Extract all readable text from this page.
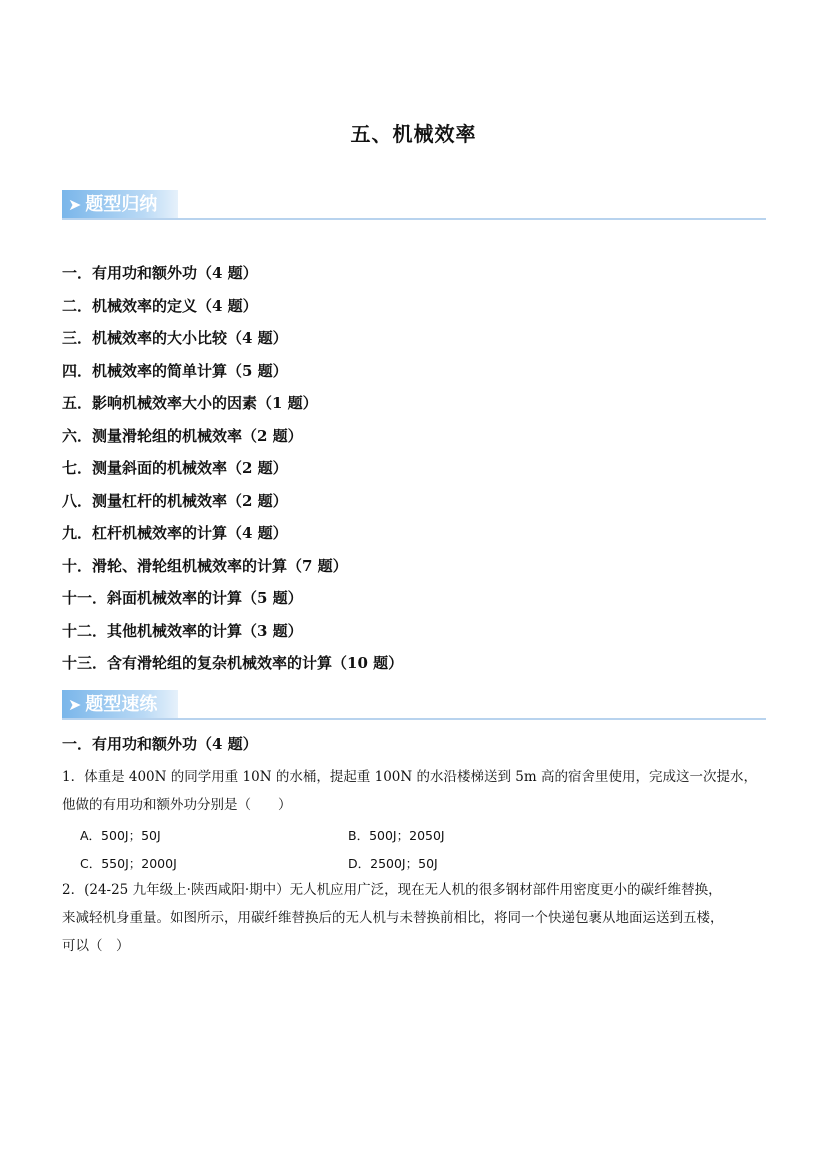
五、机械效率
➤ 题型归纳
一．有用功和额外功（4 题）
二．机械效率的定义（4 题）
三．机械效率的大小比较（4 题）
四．机械效率的简单计算（5 题）
五．影响机械效率大小的因素（1 题）
六．测量滑轮组的机械效率（2 题）
七．测量斜面的机械效率（2 题）
八．测量杠杆的机械效率（2 题）
九．杠杆机械效率的计算（4 题）
十．滑轮、滑轮组机械效率的计算（7 题）
十一．斜面机械效率的计算（5 题）
十二．其他机械效率的计算（3 题）
十三．含有滑轮组的复杂机械效率的计算（10 题）
➤ 题型速练
一．有用功和额外功（4 题）
1．体重是 400N 的同学用重 10N 的水桶，提起重 100N 的水沿楼梯送到 5m 高的宿舍里使用，完成这一次提水，
他做的有用功和额外功分别是（　　）
A．500J；50J	B．500J；2050J
C．550J；2000J	D．2500J；50J
2．(24-25 九年级上·陕西咸阳·期中）无人机应用广泛，现在无人机的很多钢材部件用密度更小的碳纤维替换，
来减轻机身重量。如图所示，用碳纤维替换后的无人机与未替换前相比，将同一个快递包裹从地面运送到五楼，
可以（　）
